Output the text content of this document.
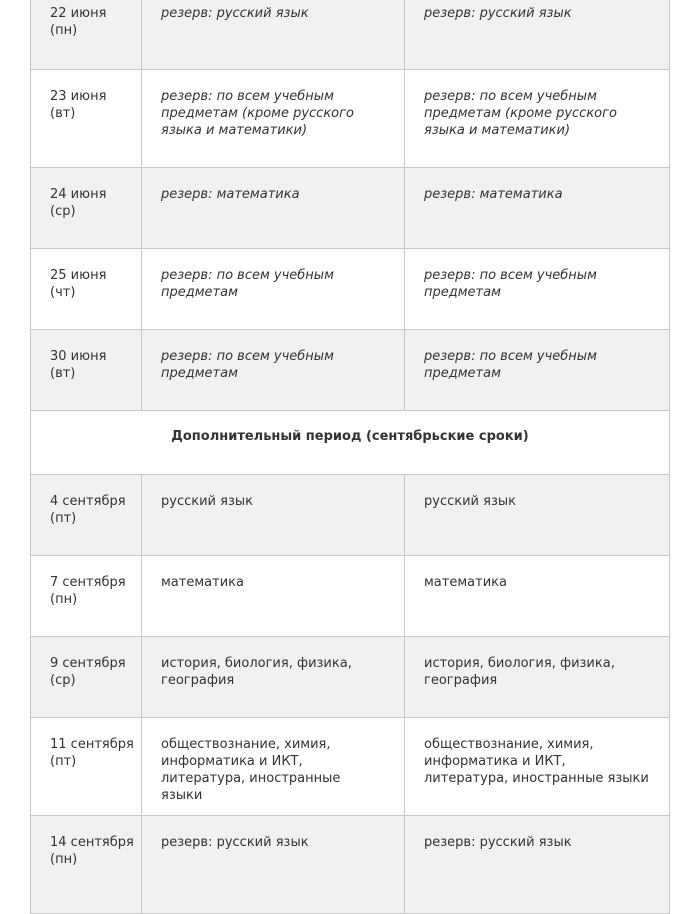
22 июня (пн)	резерв: русский язык	резерв: русский язык
23 июня (вт)	резерв: по всем учебным предметам (кроме русского языка и математики)	резерв: по всем учебным предметам (кроме русского языка и математики)
24 июня (ср)	резерв: математика	резерв: математика
25 июня (чт)	резерв: по всем учебным предметам	резерв: по всем учебным предметам
30 июня (вт)	резерв: по всем учебным предметам	резерв: по всем учебным предметам
Дополнительный период (сентябрьские сроки)		
4 сентября (пт)	русский язык	русский язык
7 сентября (пн)	математика	математика
9 сентября (ср)	история, биология, физика, география	история, биология, физика, география
11 сентября (пт)	обществознание, химия, информатика и ИКТ, литература, иностранные языки	обществознание, химия, информатика и ИКТ, литература, иностранные языки
14 сентября (пн)	резерв: русский язык	резерв: русский язык
